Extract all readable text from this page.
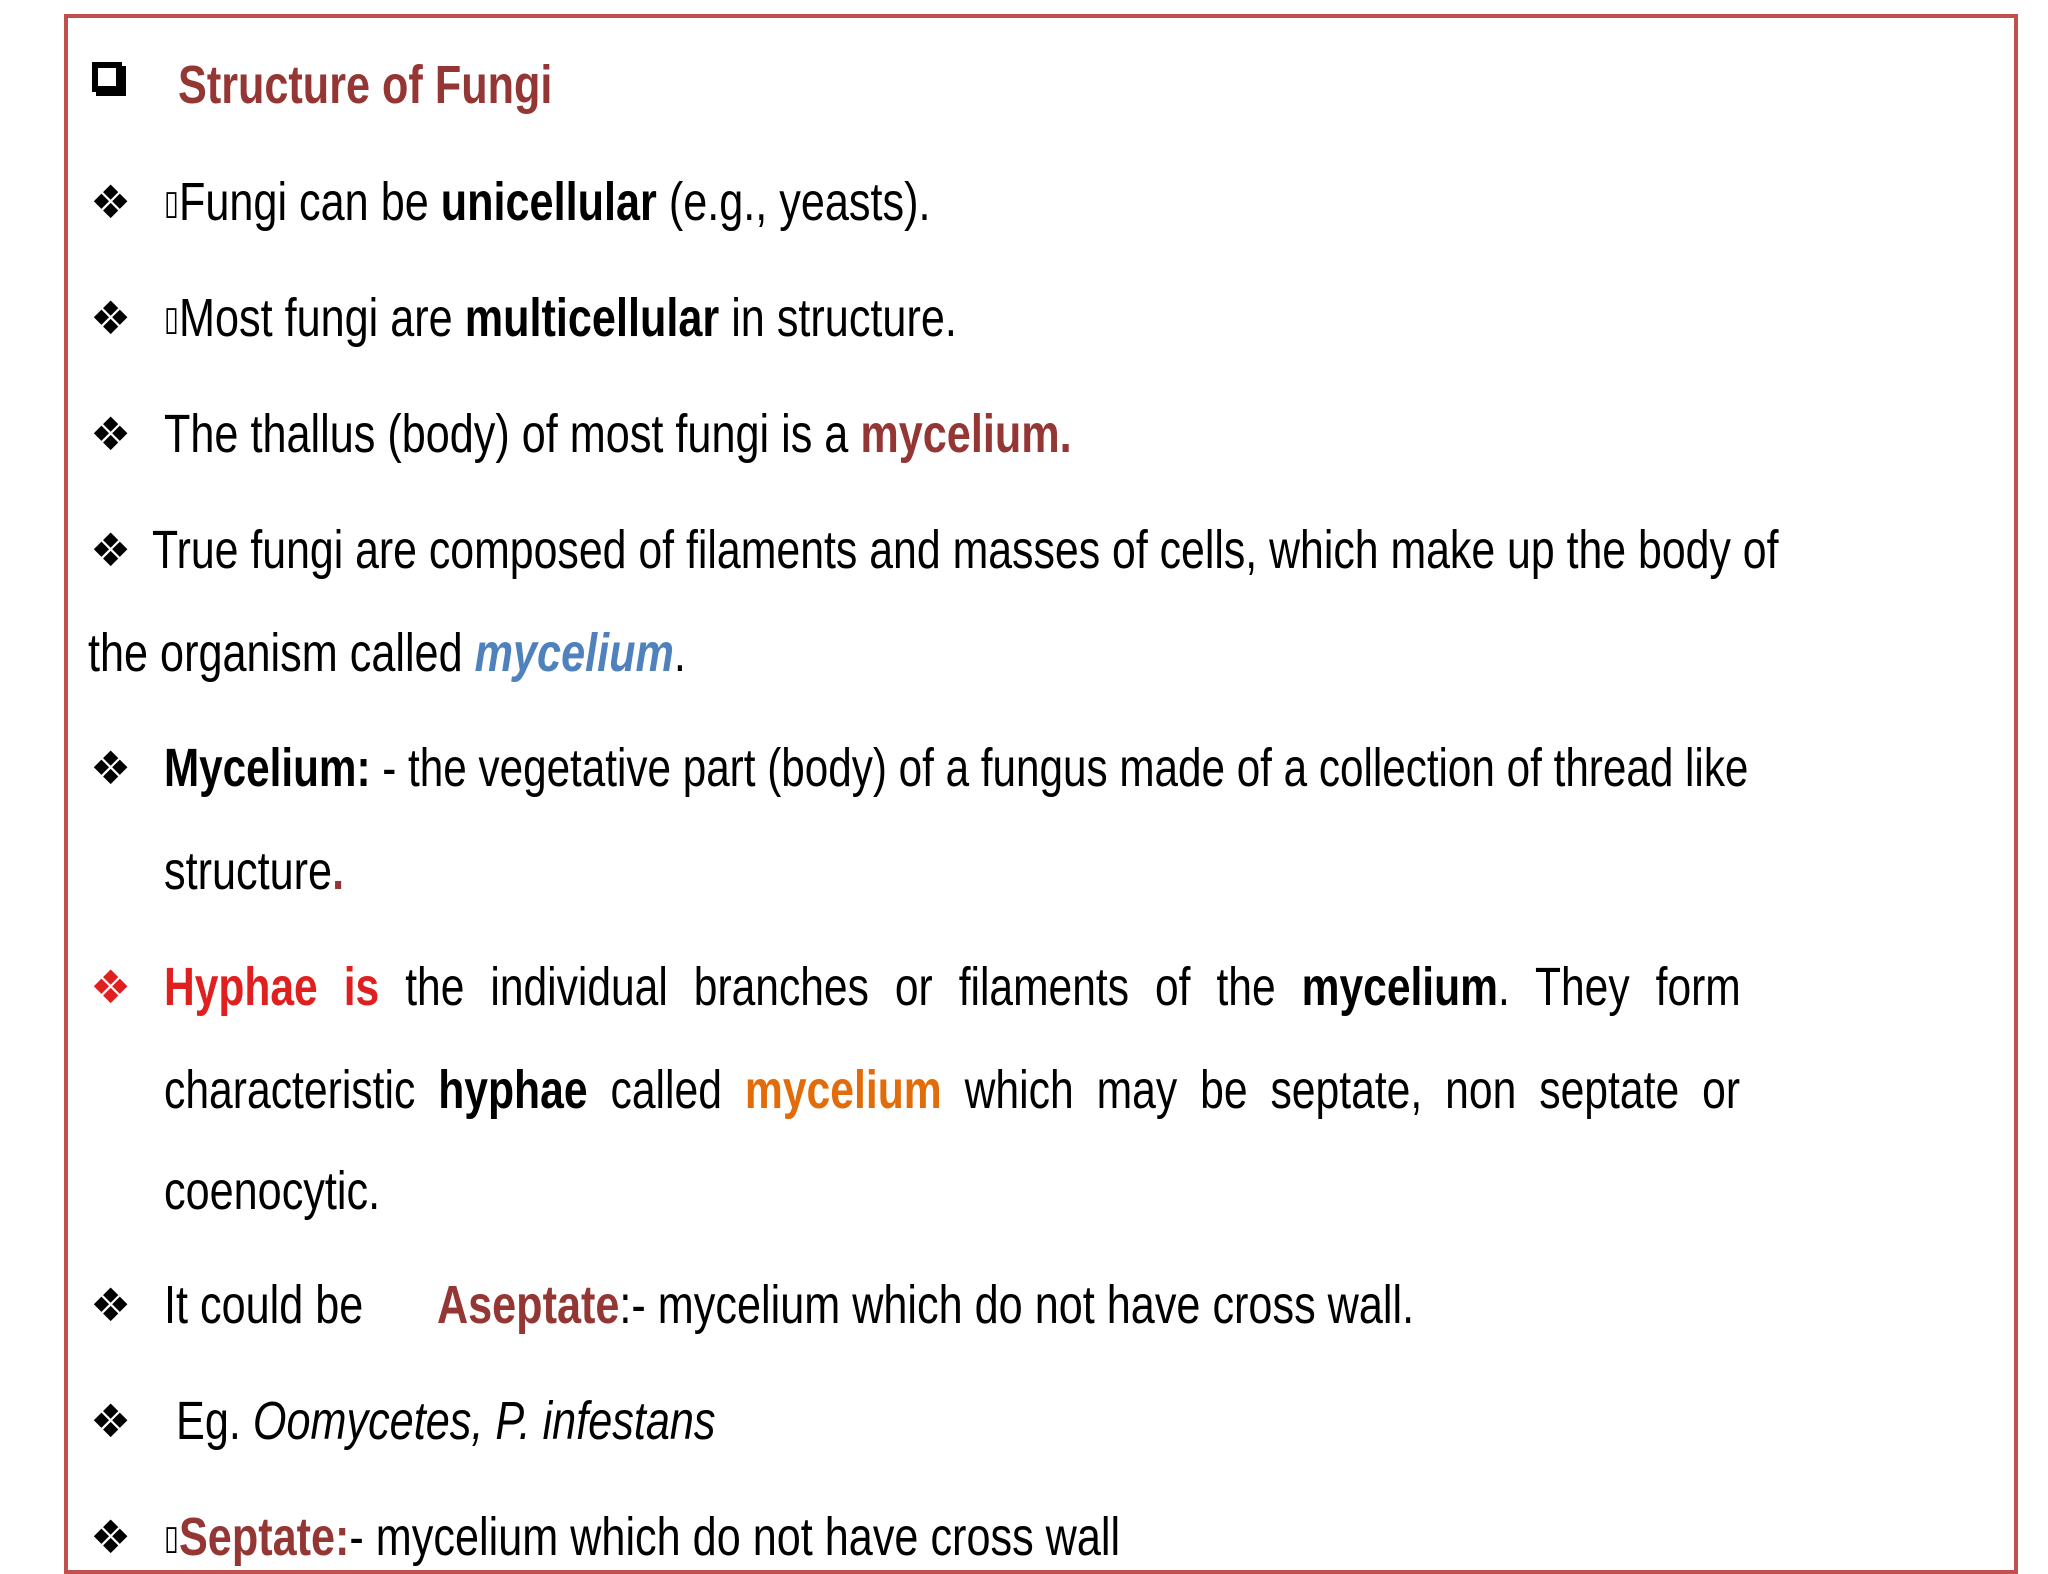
Structure of Fungi
❖ ▯Fungi can be unicellular (e.g., yeasts).
❖ ▯Most fungi are multicellular in structure.
❖ The thallus (body) of most fungi is a mycelium.
❖ True fungi are composed of filaments and masses of cells, which make up the body of
the organism called mycelium.
❖ Mycelium: - the vegetative part (body) of a fungus made of a collection of thread like
structure.
❖ Hyphae is the individual branches or filaments of the mycelium. They form
characteristic hyphae called mycelium which may be septate, non septate or
coenocytic.
❖ It could be Aseptate:- mycelium which do not have cross wall.
❖ Eg. Oomycetes, P. infestans
❖ ▯Septate:- mycelium which do not have cross wall
